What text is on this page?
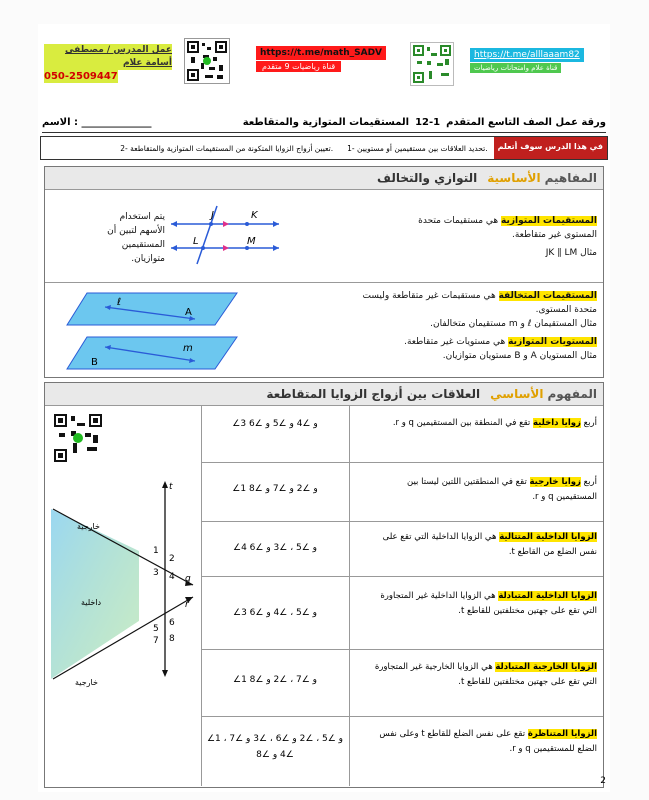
عمل المدرس / مصطفى أسامة علام
050-2509447
https://t.me/math_SADV
قناة رياضيات 9 متقدم
https://t.me/alllaaam82
قناة علام وامتحانات رياضيات
ورقة عمل الصف التاسع المتقدم
12-1
المستقيمات المتوازية والمتقاطعة
الاسم : ______________
في هذا الدرس سوف أتعلم
1- تحديد العلاقات بين مستقيمين أو مستويين.
2- تعيين أزواج الزوايا المتكونة من المستقيمات المتوازية والمتقاطعة.
المفاهيم
الأساسية
التوازي والتخالف
المستقيمات المتوازية هي مستقيمات متحدة المستوى غير متقاطعة.
مثال JK ∥ LM
J	K
L	M
يتم استخدام الأسهم لتبين أن المستقيمين متوازيان.
المستقيمات المتخالفة هي مستقيمات غير متقاطعة وليست متحدة المستوى.
مثال المستقيمان ℓ و m مستقيمان متخالفان.
المستويات المتوازية هي مستويات غير متقاطعة.
مثال المستويان A و B مستويان متوازيان.
ℓ
A
m
B
المفهوم
الأساسي
العلاقات بين أزواج الزوايا المتقاطعة
t
q
r
1
2
3 4
5
6
7 8
خارجية
داخلية
خارجية
أربع زوايا داخلية تقع في المنطقة بين المستقيمين q و r.
∠3 و ∠4 و ∠5 و ∠6
أربع زوايا خارجية تقع في المنطقتين اللتين ليستا بين المستقيمين q و r.
∠1 و ∠2 و ∠7 و ∠8
الزوايا الداخلية المتتالية هي الزوايا الداخلية التي تقع على نفس الضلع من القاطع t.
∠4 و ∠5 ، ∠3 و ∠6
الزوايا الداخلية المتبادلة هي الزوايا الداخلية غير المتجاورة التي تقع على جهتين مختلفتين للقاطع t.
∠3 و ∠5 ، ∠4 و ∠6
الزوايا الخارجية المتبادلة هي الزوايا الخارجية غير المتجاورة التي تقع على جهتين مختلفتين للقاطع t.
∠1 و ∠7 ، ∠2 و ∠8
الزوايا المتناظرة تقع على نفس الضلع للقاطع t وعلى نفس الضلع للمستقيمين q و r.
∠1 و ∠5 ، ∠2 و ∠6 ، ∠3 و ∠7 ، ∠4 و ∠8
2
